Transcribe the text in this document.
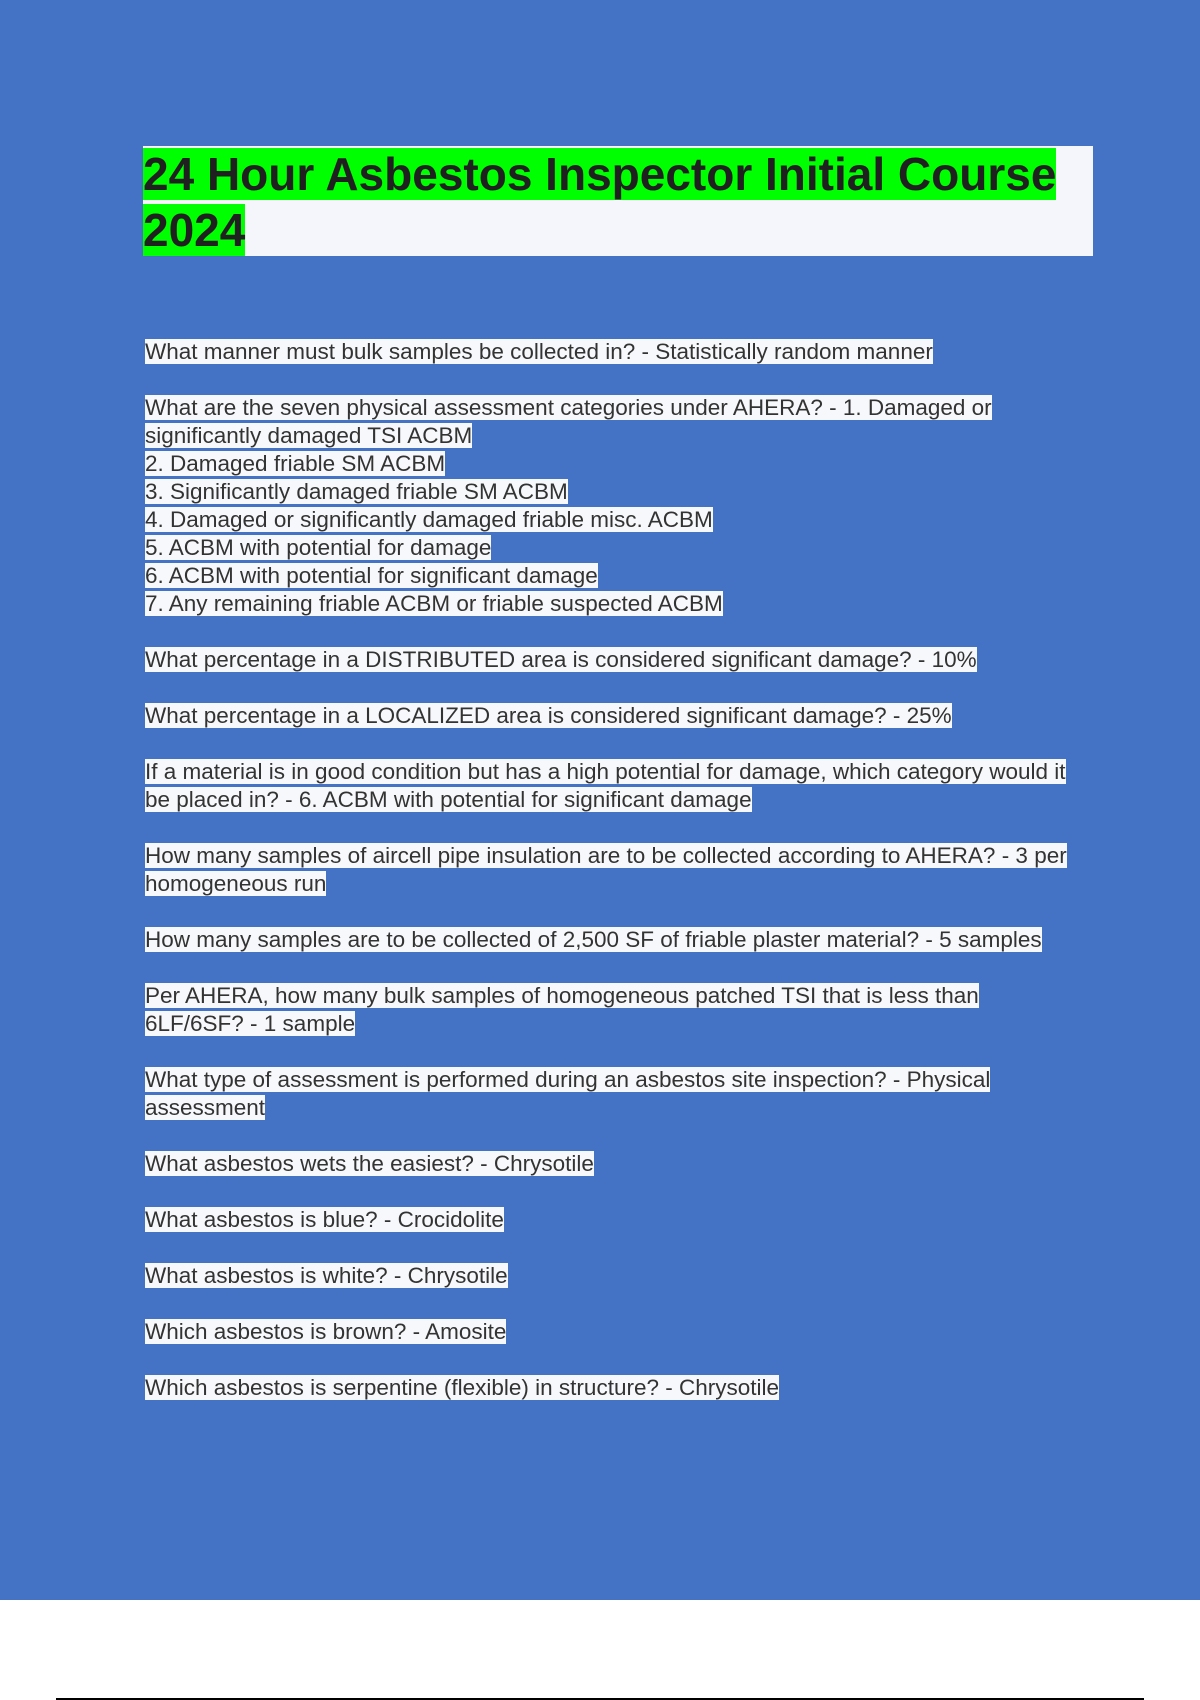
24 Hour Asbestos Inspector Initial Course 2024

What manner must bulk samples be collected in? - Statistically random manner

What are the seven physical assessment categories under AHERA? - 1. Damaged or significantly damaged TSI ACBM
2. Damaged friable SM ACBM
3. Significantly damaged friable SM ACBM
4. Damaged or significantly damaged friable misc. ACBM
5. ACBM with potential for damage
6. ACBM with potential for significant damage
7. Any remaining friable ACBM or friable suspected ACBM

What percentage in a DISTRIBUTED area is considered significant damage? - 10%

What percentage in a LOCALIZED area is considered significant damage? - 25%

If a material is in good condition but has a high potential for damage, which category would it be placed in? - 6. ACBM with potential for significant damage

How many samples of aircell pipe insulation are to be collected according to AHERA? - 3 per homogeneous run

How many samples are to be collected of 2,500 SF of friable plaster material? - 5 samples

Per AHERA, how many bulk samples of homogeneous patched TSI that is less than 6LF/6SF? - 1 sample

What type of assessment is performed during an asbestos site inspection? - Physical assessment

What asbestos wets the easiest? - Chrysotile

What asbestos is blue? - Crocidolite

What asbestos is white? - Chrysotile

Which asbestos is brown? - Amosite

Which asbestos is serpentine (flexible) in structure? - Chrysotile
